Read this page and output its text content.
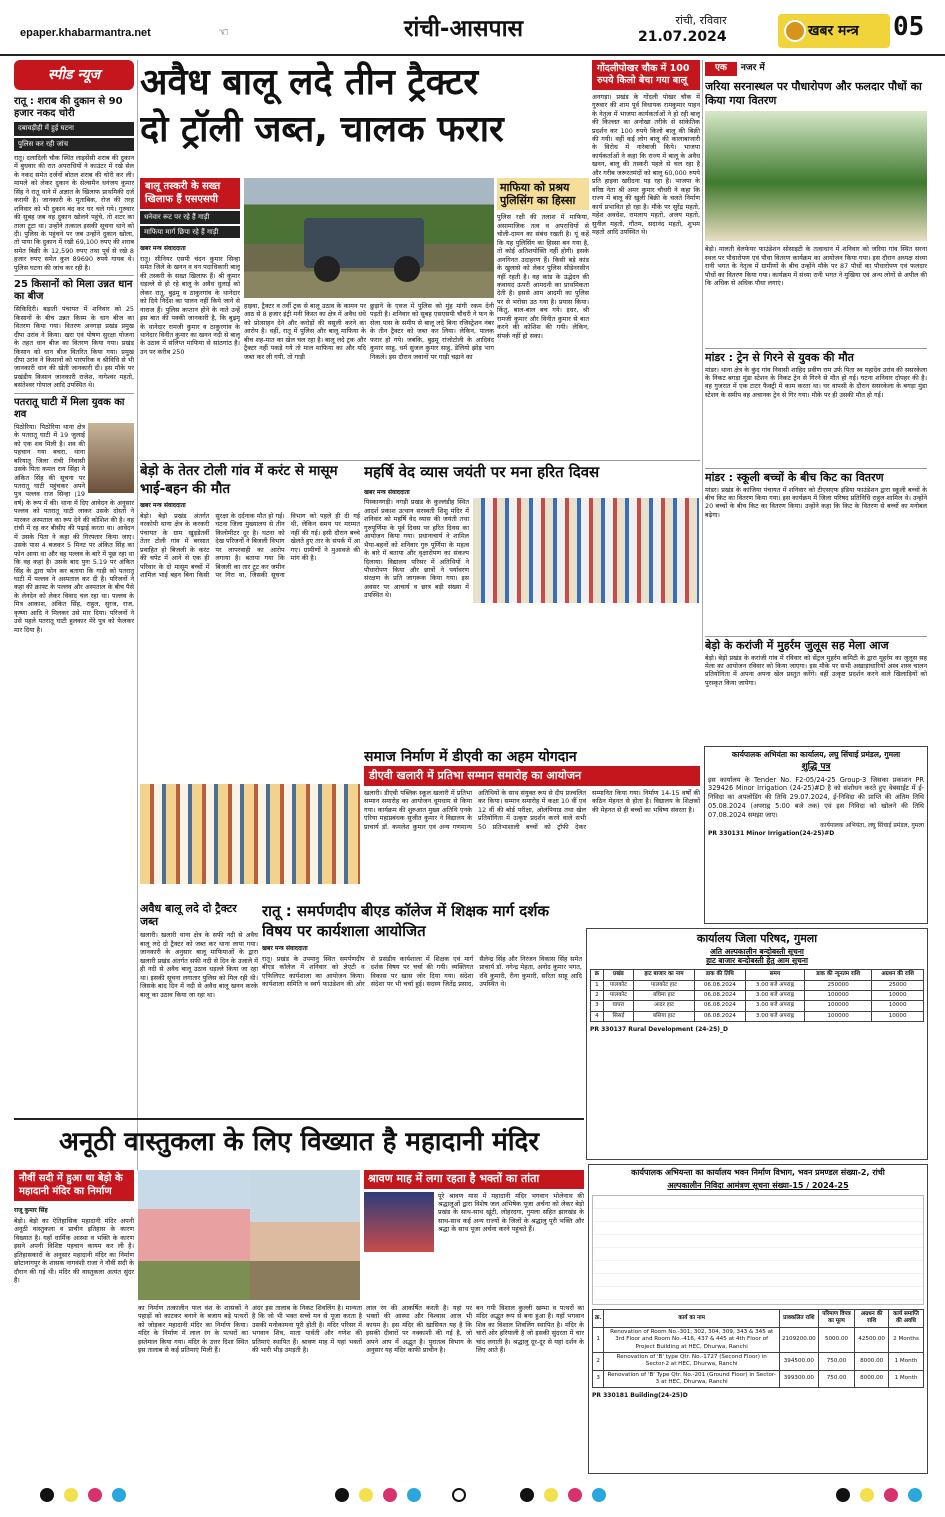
epaper.khabarmantra.net	☜	रांची-आसपास	रांची, रविवार
21.07.2024	खबर मन्त्र	05
स्पीड न्यूज
रातू : शराब की दुकान से 90 हजार नकद चोरी
दबावड़ीही में हुई घटना
पुलिस कर रही जांच

रातू। दलादिली चौक स्थित लाइसेंसी शराब की दुकान में बुधवार की रात अपराधियों ने काउंटर में रखे सेल के नकद समेत दर्जनों बोतल शराब की चोरी कर ली। मामले को लेकर दुकान के सेल्समैन धनंजय कुमार सिंह ने रातू थाने में अज्ञात के खिलाफ प्राथमिकी दर्ज करायी है। जानकारी के मुताबिक, रोज की तरह शनिवार को भी दुकान बंद कर घर चले गये। गुरुवार की सुबह जब वह दुकान खोलने पहुंचे, तो शटर का ताला टूटा था। उन्होंने तत्काल इसकी सूचना थाने को दी। पुलिस के पहुंचने पर जब उन्होंने दुकान खोला, तो पाया कि दुकान में रखी 69,100 रुपए की शराब समेत बिक्री के 12,590 रुपए तथा पूर्व से रखे 8 हजार रुपए समेत कुल 89690 रुपये गायब थे। पुलिस घटना की जांच कर रही है।

25 किसानों को मिला उन्नत धान का बीज

सिकिदिरी। बड़ाती पंचायत में शनिवार को 25 किसानों के बीच उन्नत किस्म के धान बीज का वितरण किया गया। वितरण अनगड़ा प्रखंड प्रमुख दीपा उरांव ने किया। खरा एवं पोषण सुरक्षा योजना के तहत धान बीज का वितरण किया गया। प्रखंड किसान को धान बीज वितरित किया गया। प्रमुख दीपा उरांव ने किसानों को पारंपरिक व श्रीविधि से भी जानकारी धान की खेती जानकारी दी। इस मौके पर प्रखंडीय किसान जानकारी राजेश, नागेश्वर महतो, बसंतेश्वर गोपाल आदि उपस्थित थे।

पतरातू घाटी में मिला युवक का शव

पिठोरिया। पिठोरिया थाना क्षेत्र के पतरातू घाटी में 19 जुलाई को एक शव मिली है। शव की पहचान गया बचरा, थाना बरियातू जिला रांची निवासी उसके पिता कमल राय सिंहा ने अंकित सिंह की सूचना पर पतरातू घाटी पहुंचकर अपने पुत्र पल्लव राज सिन्हा (19 वर्ष) के रूप में की। थाना में दिए आवेदन के अनुसार पल्लव को पतरातू घाटी लाकर उसके दोस्तों ने मारकर अस्पताल का रूप देने की कोशिश की है। वह रांची में रह कर बीसीए की पढ़ाई करता था। आवेदन में उसके पिता ने कहा की गिरफ्तार किया जाए। उसके पास 4 बजकर 5 मिनट पर अंकित सिंह का फोन आया था और वह पल्लव के बारे में पूछ रहा था कि वह कहां है। उसके बाद पुनः 5.19 पर अंकित सिंह के द्वारा फोन कर बताया कि गाड़ी को पतरातू घाटी में पल्लव ने अस्पताल कर दी है। परिजनों ने कहा की क्राफ्ट के पल्लव और अस्पताल के बीच पैसे के लेनदेन को लेकर विवाद चल रहा था। पल्लव के मित्र आकाश, अंकित सिंह, राहुल, सुरज, राज, कृष्णा आदि ने मिलकर उसे मार दिया। परिजनों ने उसे पहले पतरातू घाटी हुलकार मेरे पुत्र को फेलकर मार दिया है।

अवैध बालू लदे तीन ट्रैक्टर
दो ट्रॉली जब्त, चालक फरार
बालू तस्करी के सख्त खिलाफ हैं एसएसपी
धनेवार रूट पर रहे हैं गाड़ी
माफिया मार्ग छिपा रहे हैं गाड़ी
माफिया को प्रश्रय पुलिसिंग का हिस्सा

पुलिस रक्षी की तलाश में माफिया, असामाजिक तत्व व अपराधियों से चोली-दामन का संबंध रखती है। यूं कहें कि यह पुलिसिंग का हिस्सा बन गया है, तो कोई अतिशयोक्ति नहीं होगी। इसके अनगिनत उदाहरण हैं। किसी बड़े कांड के खुलासे को लेकर पुलिस सीडेनरसीन नहीं रहती है। वह कांड के उद्भेदन की कवायद ऊपरी आमदनी का प्राथमिकता देती है। इससे आम आदमी का पुलिस पर से भरोसा उठ गया है। प्रयास किया। किंतु, बाल-बाल बच गये। इधर, श्री रामजी कुमार और विनीत कुमार से बात करने की कोशिश की गयी। लेकिन, संपर्क नहीं हो सका।

खबर मन्त्र संवाददाता

रातू। सीनियर एसपी चंदन कुमार सिन्हा समेत जिले के खनन व वन पदाधिकारी बालू की तस्करी के सख्त खिलाफ हैं। श्री कुमार धड़ल्ले से हो रहे बालू के अवैध धुलाई को लेकर रातू, बुढ़मू व ठाकुरगांव के थानेदार को दिये निर्देश का पालन नहीं किये जाने से नाराज हैं। पुलिस कप्तान होने के नाते उन्हें इस बात की पक्की जानकारी है, कि बुढ़मू के थानेदार रामजी कुमार व ठाकुरगांव के थानेदार विनीत कुमार का खनन नदी से बालू के उठाव में संलिप्त माफिया से सांठगांठ है। उन पर करीब 250

हाइवा, ट्रैक्टर व तर्वी ट्रक से बालू उठाव के कामन पर आठ से 8 हजार इंट्री मनी किस्त का क्षेत्र में अवैध धंधे को प्रोत्साहन देने और करोड़ों की वसूली करने का आरोप है। वहीं, रातू में पुलिस और बालू माफिया के बीच शह-मात का खेल चल रहा है। बालू लदे ट्रक और ट्रैक्टर नहीं पकड़े गये तो माल माफिया का और यदि जब्त कर ली गयी, तो गाड़ी

छुड़ाने के एवज में पुलिस को मुंह मांगी रकम देनी पड़ती है। शनिवार को सुबह एसएसपी चौधरी ने फन के सेला पास के समीप से बालू लदे बिना रजिस्ट्रेशन नंबर के तीन ट्रैक्टर को जब्त कर लिया। लेकिन, पालक फरार हो गये। जबकि, बुढ़मू रांजोटोली के आदिवंद कुमार साहु, धर्म सुजल कुमार साहु, डेलियो झोड़ भाग निकले। इस दौरान जवानों पर गाड़ी चढ़ाने का

गोंदलीपोखर चौक में 100 रुपये किलो बेचा गया बालू

अनगड़ा। प्रखंड के गोंदली पोखर चौक में गुरुवार की शाम पूर्व विधायक रामकुमार पाहन के नेतृत्व में भाजपा कार्यकर्ताओं ने हो रही बालू की किल्लत का अनोखा तरीके से सांकेतिक प्रदर्शन कर 100 रुपये किलो बालू की बिक्री की गयी। वहीं कई लोग बालू की कालाबाजारी के विरोध में नारेबाजी किये। भाजपा कार्यकर्ताओं ने कहा कि राज्य में बालू के अवैध खनन, बालू की तस्करी पहले से चल रहा है और गरीब जरूरतमंदों को बालू 60,000 रुपये प्रति हाइवा खरीदना पड़ रहा है। भाजपा के वरिष्ठ नेता श्री अमर कुमार चौधरी ने कहा कि राज्य में बालू की खुली बिक्री के चलते निर्माण कार्य प्रभावित हो रहा है। मौके पर सुरेंद्र महतो, महेश अवधेश, रामलाय महतो, अजय महतो, सुनील महतो, गौतम, सदानंद महतो, शुभम महतो आदि उपस्थित थे।

एक	नजर में
जरिया सरनास्थल पर पौधारोपण और फलदार पौधों का किया गया वितरण

बेड़ो। मालती वेलफेयर फाउंडेशन सोसाइटी के तत्वाधान में शनिवार को जरिया गांव स्थित सरना स्थल पर पौधारोपण एवं पौधा वितरण कार्यक्रम का आयोजन किया गया। इस दौरान अध्यक्ष संध्या रानी भगत के नेतृत्व में ग्रामीणों के बीच उन्होंने मौके पर 87 पौधों का पौधारोपण एवं फलदार पौधों का वितरण किया गया। कार्यक्रम में संध्या रानी भगत ने मुखिया एवं अन्य लोगों से अपील की कि अधिक से अधिक पौधा लगाएं।

मांडर : ट्रेन से गिरने से युवक की मौत

मांडर। थाना क्षेत्र के कुंद गांव निवासी शाहिद प्रवीण राम उर्फ पिता स्व महादेव उरांव की ससरकेला के निकट बगड़ा मुंडा स्टेशन के निकट ट्रेन से गिरने से मौत हो गई। घटना शनिवार दोपहर की है। वह गुजरात में एक टाटर फैक्ट्री में काम करता था। घर वापसी के दौरान ससरकेला के बगड़ा मुंडा स्टेशन के समीप वह अचानक ट्रेन से गिर गया। मौके पर ही उसकी मौत हो गई।

मांडर : स्कूली बच्चों के बीच किट का वितरण

मांडर। प्रखंड के कांजिया पंचायत में शनिवार को टीएसएफ इंडिया फाउंडेशन द्वारा स्कूली बच्चों के बीच किट का वितरण किया गया। इस कार्यक्रम में जिला परिषद प्रतिनिधि राहुल शामिल थे। उन्होंने 20 बच्चों के बीच किट का वितरण किया। उन्होंने कहा कि किट के वितरण से बच्चों का मनोबल बढ़ेगा।

बेड़ो के करांजी में मुहर्रम जुलूस सह मेला आज

बेड़ो। बेड़ो प्रखंड के करांजी गांव में रविवार को सेंट्रल मुहर्रम कमिटी के द्वारा मुहर्रम का जुलूस सह मेला का आयोजन रविवार को किया जाएगा। इस मौके पर सभी अखाड़ाधारियों अस्त्र शस्त्र चालन प्रतियोगिता में अपना अपना खेल प्रस्तुत करेंगे। वहीं उत्कृष्ट प्रदर्शन करने वाले खिलाड़ियों को पुरस्कृत किया जायेगा।

बेड़ो के तेतर टोली गांव में करंट से मासूम भाई-बहन की मौत
खबर मन्त्र संवाददाता

बेड़ो। बेड़ो प्रखंड अंतर्गत नरकोपी थाना क्षेत्र के करकरी पंचायत के ग्राम खुड़डेतर्वी तेतर टोली गांव में बरसात प्रवाहित हो बिजली के करंट की चपेट में आने से एक ही परिवार के दो मासूम बच्चों में शामिल भाई बहन बिना किसी सुरक्षा के दर्दनाक मौत हो गई। घटना जिला मुख्यालय से तीन किलोमीटर दूर है। घटना को देख परिजनों ने बिजली विभाग पर लापरवाही का आरोप लगाया है। बताया गया कि बिजली का तार टूट कर जमीन पर गिरा था, जिसकी सूचना विभाग को पहले ही दी गई थी, लेकिन समय पर मरम्मत नहीं की गई। इसी दौरान बच्चे खेलते हुए तार के संपर्क में आ गए। ग्रामीणों ने मुआवजे की मांग की है।

महर्षि वेद व्यास जयंती पर मना हरित दिवस
खबर मन्त्र संवाददाता

पिस्कानगड़ी। नगड़ी प्रखंड के कुल्लंडीह स्थित आदर्श प्रकाश उत्थान सरस्वती शिशु मंदिर में शनिवार को महर्षि वेद व्यास की जयंती तथा गुरुपूर्णिमा के पूर्व दिवस पर हरित दिवस का आयोजन किया गया। प्रधानाचार्य ने शामिल भैया-बहनों को शनिवार गुरु पूर्णिमा के महत्व के बारे में बताया और वृक्षारोपण का संकल्प दिलाया। विद्यालय परिसर में अतिथियों ने पौधारोपण किया और छात्रों ने पर्यावरण संरक्षण के प्रति जागरूक किया गया। इस अवसर पर आचार्य व छात्र बड़ी संख्या में उपस्थित थे।

समाज निर्माण में डीएवी का अहम योगदान
डीएवी खलारी में प्रतिभा सम्मान समारोह का आयोजन

खलारी। डीएवी पब्लिक स्कूल खलारी में प्रतिभा सम्मान समारोह का आयोजन धूमधाम से किया गया। कार्यक्रम की शुरुआत मुख्य अतिथि एनके एरिया महाप्रबंधक सुजीत कुमार ने विद्यालय के प्राचार्य डॉ. कमलेश कुमार एवं अन्य गणमान्य अतिथियों के साथ संयुक्त रूप से दीप प्रज्वलित कर किया। सम्मान समारोह में कक्षा 10 वीं एवं 12 वीं की बोर्ड परीक्षा, ओलंपियाड तथा खेल प्रतियोगिता में उत्कृष्ट प्रदर्शन करने वाले सभी 50 प्रतिभाशाली बच्चों को ट्रॉफी देकर सम्मानित किया गया। निर्माण 14-15 वर्षों की कठिन मेहनत से होता है। विद्यालय के शिक्षकों की मेहनत से ही बच्चों का भविष्य संवरता है।

कार्यपालक अभियंता का कार्यालय, लघु सिंचाई प्रमंडल, गुमला
शुद्धि पत्र

इस कार्यालय के Tender No. F2-05/24-25 Group-3 जिसका प्रकाशन PR 329426 Minor Irrigation (24-25)#D है को संशोधन करते हुए वेबसाईट में ई-निविदा का अपलोडिंग की तिथि 29.07.2024, ई-निविदा की प्राप्ति की अंतिम तिथि 05.08.2024 (अपराह्न 5:00 बजे तक) एवं इस निविदा को खोलने की तिथि 07.08.2024 समझा जाए।

कार्यपालक अभियंता, लघु सिंचाई प्रमंडल, गुमला
PR 330131 Minor Irrigation(24-25)#D
अवैध बालू लदे दो ट्रैक्टर जब्त

खलारी। खलारी थाना क्षेत्र के सफी नदी से अवैध बालू लदे दो ट्रैक्टर को जब्त कर थाना लाया गया। जानकारी के अनुसार बालू माफियाओं के द्वारा खलारी प्रखंड अंतर्गत सफी नदी से दिन के उजाले में ही नदी से अवैध बालू उठाव धड़ल्ले किया जा रहा था। इसकी सूचना लगातार पुलिस को मिल रही थी। जिसके बाद दिन में नदी से अवैध बालू खनन करके बालू का उठाव किया जा रहा था।

रातू : समर्पणदीप बीएड कॉलेज में शिक्षक मार्ग दर्शक विषय पर कार्यशाला आयोजित
खबर मन्त्र संवाददाता

रातू। प्रखंड के उपमानु स्थित समर्पणदीप बीएड कॉलेज में शनिवार को ज्ञेएटी व एफिलिएट कार्यशाला का आयोजन किया। कार्यशाला समिति व स्वर्ग फाउंडेशन की ओर से प्रसंडीय कार्यशाला में शिक्षक एवं मार्ग दर्शक विषय पर चर्चा की गयी। व्यक्तिगत विकास पर खास जोर दिया गया। संदेशा संदेशा पर भी चर्चा हुई। सदस्य जितेंद्र प्रसाद, सैलेन्द्र सिंह और निरंजन विकास सिंह समेत प्राचार्य डॉ. नगेन्द्र मेहता, अनोद कुमार भगत, रवि कुमारी, रीना कुमारी, सरिता साहू आदि उपस्थित थे।

कार्यालय जिला परिषद, गुमला
अति अल्पकालीन बन्दोबस्ती सूचना
हाट बाजार बन्दोबस्ती हेतु आम सूचना
क्र	प्रखंड	हाट बाजार का नाम	डाक की तिथि	समय	डाक की न्यूनतम राशि	अग्रधन की राशि
1	पालकोट	पालकोट हाट	06.08.2024	3.00 बजे अपराह्न	250000	25000
2	पालकोट	बघिमा हाट	06.08.2024	3.00 बजे अपराह्न	100000	10000
3	घाघरा	आदर हाट	06.08.2024	3.00 बजे अपराह्न	100000	10000
4	सिसई	बसिया हाट	06.08.2024	3.00 बजे अपराह्न	100000	10000
PR 330137 Rural Development (24-25)_D
अनूठी वास्तुकला के लिए विख्यात है महादानी मंदिर
नौवीं सदी में हुआ था बेड़ो के महादानी मंदिर का निर्माण
राजू कुमार सिंह

बेड़ो। बेड़ो का ऐतिहासिक महादानी मंदिर अपनी अनूठी वास्तुकला व प्राचीन इतिहास के कारण विख्यात है। यहाँ धार्मिक आस्था व भक्ति के कारण इसने अपनी विशिष्ट पहचान कायम कर ली है। इतिहासकारों के अनुसार महादानी मंदिर का निर्माण छोटानागपुर के शासक नागवंशी राजा ने नौवीं सदी के दौरान की गई थी। मंदिर की वास्तुकला अत्यंत सुंदर है।

श्रावण माह में लगा रहता है भक्तों का तांता

पूरे श्रावण मास में महादानी मंदिर भगवान भोलेनाथ की श्रद्धालुओं द्वारा विशेष जल अभिषेक पूजा अर्चना को लेकर बेड़ो प्रखंड के साथ-साथ खूंटी, लोहरदगा, गुमला सहित झारखंड के साथ-साथ कई अन्य राज्यों के जिलों के श्रद्धालु पूरी भक्ति और श्रद्धा के साथ पूजा अर्चना करने पहुंचते हैं।

का निर्माण तत्कालीन पाल वंश के शासकों ने पहाड़ों को काटकर बनाने के बजाय बड़े पत्थरों को जोड़कर महादानी मंदिर का निर्माण किया। मंदिर के निर्माण में लाल रंग के पत्थरों का इस्तेमाल किया गया। मंदिर के उत्तर दिशा स्थित इस तालाब से कई प्रतिमाएं मिली हैं।

अंदर इस तालाब के निकट शिवलिंग है। मान्यता है कि जो भी भक्त सच्चे मन से पूजा करता है उसकी मनोकामना पूरी होती है। मंदिर परिसर में भगवान शिव, माता पार्वती और गणेश की प्रतिमाएं स्थापित हैं। श्रावण माह में यहां भक्तों की भारी भीड़ उमड़ती है।

लाल रंग की आकर्षित करती है। यहां पर भक्तों की आस्था और विश्वास आज भी कायम है। इस मंदिर की खासियत यह है कि इसकी दीवारों पर नक्काशी की गई है, जो अपने आप में अद्भुत है। पुरातत्व विभाग के अनुसार यह मंदिर काफी प्राचीन है।

बन गयी विशाल कुल्ली खम्भा व पत्थरों का मंदिर अद्भुत रूप से बना हुआ है। यहाँ भगवान शिव का विशाल शिवलिंग स्थापित है। मंदिर के चारों ओर हरियाली है जो इसकी सुंदरता में चार चांद लगाती है। श्रद्धालु दूर-दूर से यहां दर्शन के लिए आते हैं।

कार्यपालक अभियन्ता का कार्यालय भवन निर्माण विभाग, भवन प्रमण्डल संख्या-2, रांची
अल्पकालीन निविदा आमंत्रण सूचना संख्या-15 / 2024-25
क्र.	कार्य का नाम	प्राक्कलित राशि	परिमाण विपत्र का मूल्य	अग्रधन की राशि	कार्य समाप्ति की अवधि
1	Renovation of Room No.-301, 302, 304, 309, 343 & 345 at 3rd Floor and Room No.-416, 437 & 445 at 4th Floor of Project Building at HEC, Dhurwa, Ranchi	2109200.00	5000.00	42500.00	2 Months
2	Renovation of 'B' type Qtr. No.-1727 (Second Floor) in Sector-2 at HEC, Dhurwa, Ranchi	394500.00	750.00	8000.00	1 Month
3	Renovation of 'B' Type Qtr. No.-201 (Ground Floor) in Sector-3 at HEC, Dhurwa, Ranchi	399300.00	750.00	8000.00	1 Month
PR 330181 Building(24-25)D
